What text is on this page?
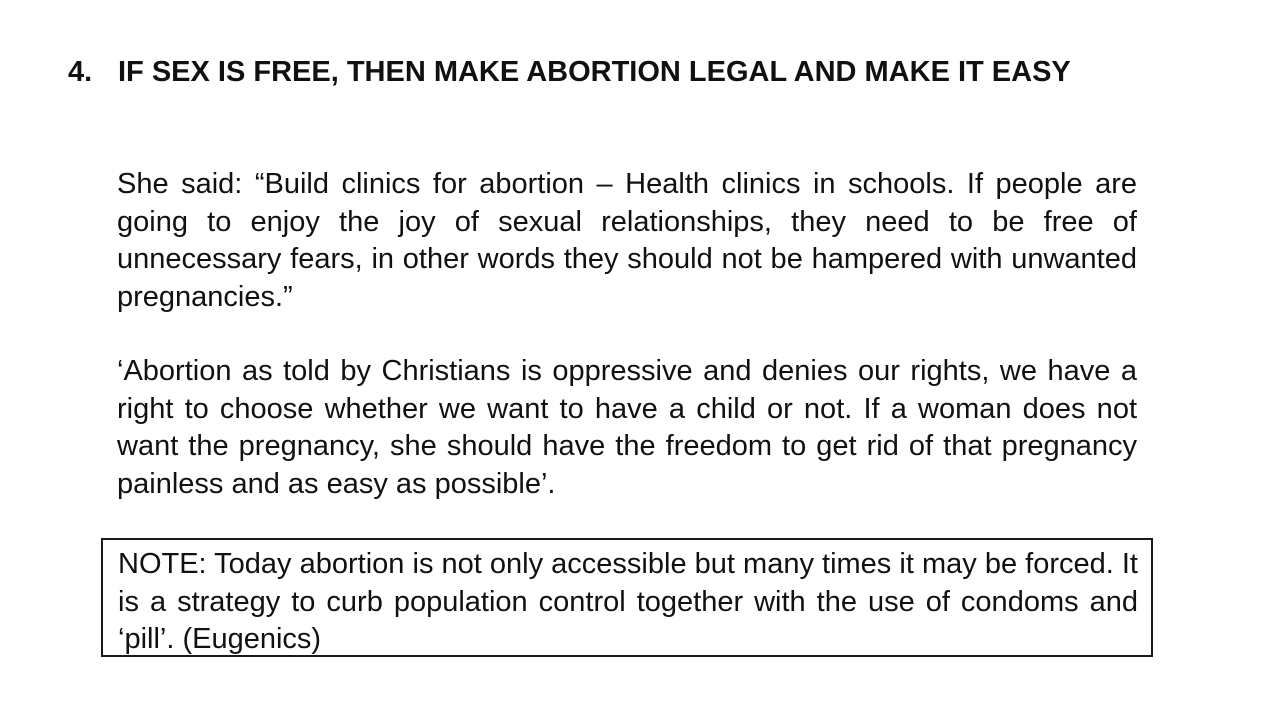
4. IF SEX IS FREE, THEN MAKE ABORTION LEGAL AND MAKE IT EASY

She said: “Build clinics for abortion – Health clinics in schools. If people are going to enjoy the joy of sexual relationships, they need to be free of unnecessary fears, in other words they should not be hampered with unwanted pregnancies.”

‘Abortion as told by Christians is oppressive and denies our rights, we have a right to choose whether we want to have a child or not. If a woman does not want the pregnancy, she should have the freedom to get rid of that pregnancy painless and as easy as possible’.

NOTE: Today abortion is not only accessible but many times it may be forced. It is a strategy to curb population control together with the use of condoms and ‘pill’. (Eugenics)
